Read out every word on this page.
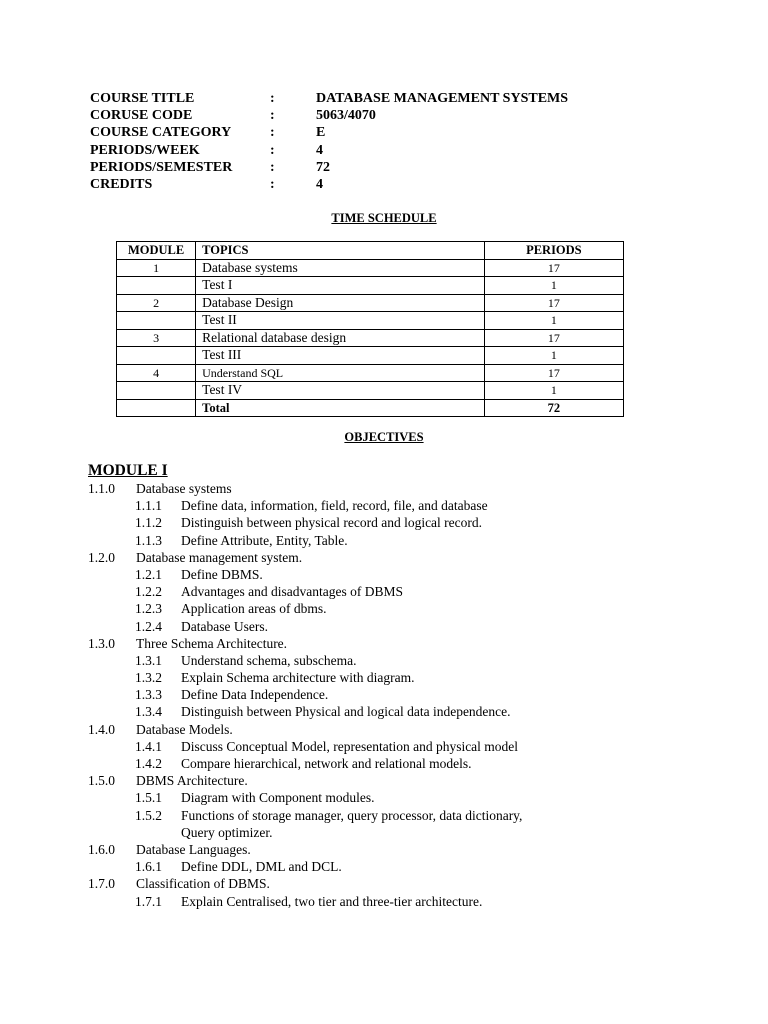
COURSE TITLE	:	DATABASE MANAGEMENT SYSTEMS
CORUSE CODE	:	5063/4070
COURSE CATEGORY	:	E
PERIODS/WEEK	:	4
PERIODS/SEMESTER	:	72
CREDITS	:	4
TIME SCHEDULE
MODULE	TOPICS	PERIODS
1	Database systems	17
	Test I	1
2	Database Design	17
	Test II	1
3	Relational database design	17
	Test III	1
4	Understand SQL	17
	Test IV	1
	Total	72
OBJECTIVES
MODULE I
1.1.0 Database systems
1.1.1 Define data, information, field, record, file, and database
1.1.2 Distinguish between physical record and logical record.
1.1.3 Define Attribute, Entity, Table.
1.2.0 Database management system.
1.2.1 Define DBMS.
1.2.2 Advantages and disadvantages of DBMS
1.2.3 Application areas of dbms.
1.2.4 Database Users.
1.3.0 Three Schema Architecture.
1.3.1 Understand schema, subschema.
1.3.2 Explain Schema architecture with diagram.
1.3.3 Define Data Independence.
1.3.4 Distinguish between Physical and logical data independence.
1.4.0 Database Models.
1.4.1 Discuss Conceptual Model, representation and physical model
1.4.2 Compare hierarchical, network and relational models.
1.5.0 DBMS Architecture.
1.5.1 Diagram with Component modules.
1.5.2 Functions of storage manager, query processor, data dictionary,
Query optimizer.
1.6.0 Database Languages.
1.6.1 Define DDL, DML and DCL.
1.7.0 Classification of DBMS.
1.7.1 Explain Centralised, two tier and three-tier architecture.
